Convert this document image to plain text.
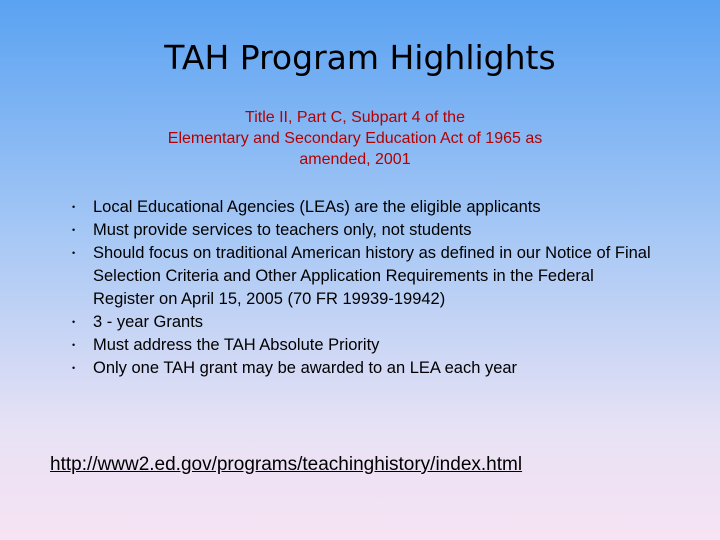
TAH Program Highlights
Title II, Part C, Subpart 4 of the
Elementary and Secondary Education Act of 1965 as
amended, 2001
• Local Educational Agencies (LEAs) are the eligible applicants
• Must provide services to teachers only, not students
• Should focus on traditional American history as defined in our Notice of Final Selection Criteria and Other Application Requirements in the Federal Register on April 15, 2005 (70 FR 19939-19942)
• 3 - year Grants
• Must address the TAH Absolute Priority
• Only one TAH grant may be awarded to an LEA each year
http://www2.ed.gov/programs/teachinghistory/index.html
